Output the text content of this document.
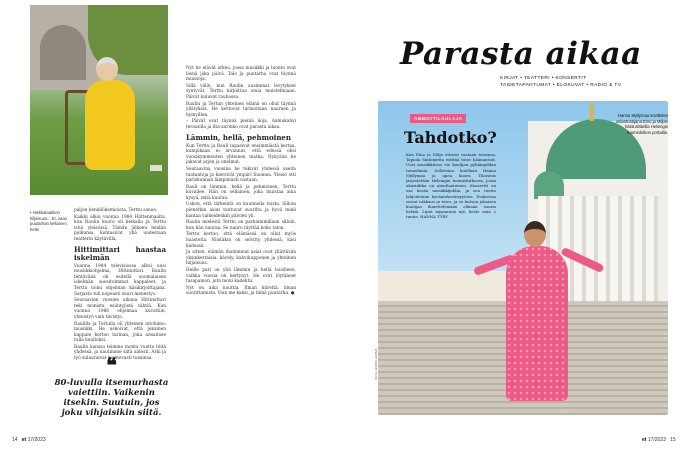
• Hiekkalaatikon hiljaisuus... Ei, vaan puutarhan keltainen hetki

paljon henkilökemioista, Terttu sanoo.

Kaikki alkoi vuonna 1984 Hiittenmaalta, kun Raulin kuoro oli keikalla ja Terttu istui yleisössä. Tämän jälkeen heidän polkunsa kohtasivat yhä uudestaan teatterin käytävillä.

Hittimittari haastaa iskelmän

Vuonna 1984 televisiossa alkoi uusi musiikkiohjelma, Hittimittari. Raulin tehtävänä oli esitellä suomalaisen iskelmän suosituimmat kappaleet, ja Terttu toimi ohjelman käsikirjoittajana. Sarjasta tuli nopeasti suuri menestys.

Seuraavien vuosien aikana Hittimittari teki monista esiintyjistä tähtiä. Kun vuonna 1986 ohjelmaa kuvattiin, yhteistyö vain tiivistyi.

Raulilla ja Tertulla oli yhteinen intohimo: musiikki. He uskoivat, että jokainen kappale kertoo tarinan, joka ansaitsee tulla kuulluksi.

Raulin kanssa teimme monta vuotta töitä yhdessä, ja nautimme siitä aidosti. Arki ja työ sulautuivat luontevasti toisiinsa.

Nyt he elävät arkea, jossa musiikki ja luonto ovat läsnä joka päivä. Talo ja puutarha ovat täynnä muistoja.

Sillä välin, kun Raulin uusimmat levytykset syntyvät, Terttu kirjoittaa omia muistelmiaan. Päivät kuluvat rauhassa.

Raulin ja Tertun yhteinen elämä on ollut täynnä yllätyksiä. He kertovat tarinoitaan nauraen ja hymyillen.

– Päivät ovat täynnä pieniä iloja. Aamukahvi terassilla ja ilta-aurinko ovat parasta aikaa.

Lämmin, hellä, pehmoinen

Kun Terttu ja Rauli tapasivat ensimmäistä kertaa, kumpikaan ei arvannut, että edessä olisi vuosikymmenten yhteinen matka. Nykyään he jakavat arjen ja unelmat.

Seuraavina vuosina he tekivät yhdessä useita tuotantoja ja kiersivät ympäri Suomea. Yleisö otti pariskunnan lämpimästi vastaan.

Rauli on lämmin, hellä ja pehmoinen, Terttu kuvailee. Hän on sellainen, joka muistaa aina kysyä, mitä kuuluu.

Uskon, että tärkeintä on kuunnella toista. Silloin pienetkin asiat tuntuvat suurilta ja hyvä mieli kantaa vaikeidenkin päivien yli.

Raulin mielestä Terttu on parhaimmillaan silloin, kun hän nauraa. Se nauru täyttää koko talon.

Terttu kertoo, että elämässä on ollut myös haasteita. Niistäkin on selvitty yhdessä, käsi kädessä.

Ja sitten, elämän ihanimmat asiat ovat yllättävän yksinkertaisia: kävely, kahvikupponen ja yhteinen hiljaisuus.

Heille pari on yhä lämmin ja hellä toisilleen, vaikka vuosia on kertynyt. He ovat löytäneet tasapainon, jota moni kadehtii.

Nyt on aika nauttia. Ilman kiirettä, ilman suorittamista. Vain me kaksi, ja tämä puutarha. ●

❝
80-luvulla itsemurhasta vaiettiin. Vaikenin itsekin. Suutuin, jos joku vihjaisikin siitä.
14 et 17/2023
Parasta aikaa
KIRJAT • TEATTERI • KONSERTIT
TAIDETAPAHTUMAT • ELOKUVAT • RADIO & TV
KUVA HENRIK HÄRMÄ
AMMATTILAULAJA
Tahdotko?
Kun Eino ja Milja ottavat vastaan toisensa, Tapiola Sinfonietta esittää tutut häämarssit. Uusi musiikkiteos vie kuulijan pyhäinjuhlan tunnelmiin. Solisteina kuullaan Hanna Myllymaa ja upea kuoro. Tilaisuus järjestetään Helsingin tuomiokirkossa, jossa akustiikka on ainutlaatuinen. Konsertti on osa kesän musiikkijuhlia, ja sen tuotto lahjoitetaan hyväntekeväisyyteen. Teoksessa soivat rakkaus ja toivo, ja se kutsuu jokaisen kuulijan ihmettelemään elämän suuria hetkiä. Liput myynnissä nyt, kesto noin 2 tuntia. HANNA TYRY
Hanna Myllymaa sovittelee asiantuntijana Eino ja Miljan häitä alttarilla Helsingin tuomiokirkon portailla.
et 17/2023 15
